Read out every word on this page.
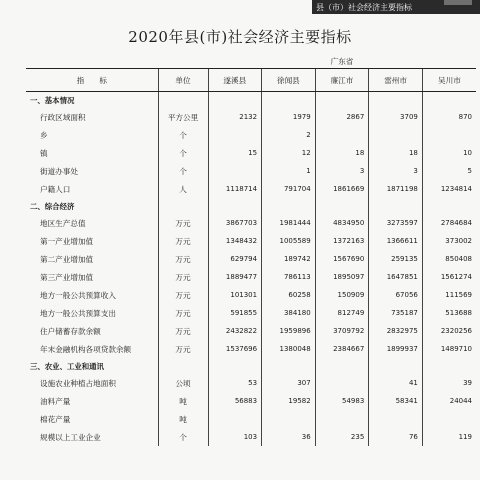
县（市）社会经济主要指标
2020年县(市)社会经济主要指标
		广东省				
指　　标	单位	遂溪县	徐闻县	廉江市	雷州市	吴川市
一、基本情况						
行政区域面积	平方公里	2132	1979	2867	3709	870
乡	个		2			
镇	个	15	12	18	18	10
街道办事处	个		1	3	3	5
户籍人口	人	1118714	791704	1861669	1871198	1234814
二、综合经济						
地区生产总值	万元	3867703	1981444	4834950	3273597	2784684
第一产业增加值	万元	1348432	1005589	1372163	1366611	373002
第二产业增加值	万元	629794	189742	1567690	259135	850408
第三产业增加值	万元	1889477	786113	1895097	1647851	1561274
地方一般公共预算收入	万元	101301	60258	150909	67056	111569
地方一般公共预算支出	万元	591855	384180	812749	735187	513688
住户储蓄存款余额	万元	2432822	1959896	3709792	2832975	2320256
年末金融机构各项贷款余额	万元	1537696	1380048	2384667	1899937	1489710
三、农业、工业和通讯						
设施农业种植占地面积	公顷	53	307		41	39
油料产量	吨	56883	19582	54983	58341	24044
棉花产量	吨					
规模以上工业企业	个	103	36	235	76	119
